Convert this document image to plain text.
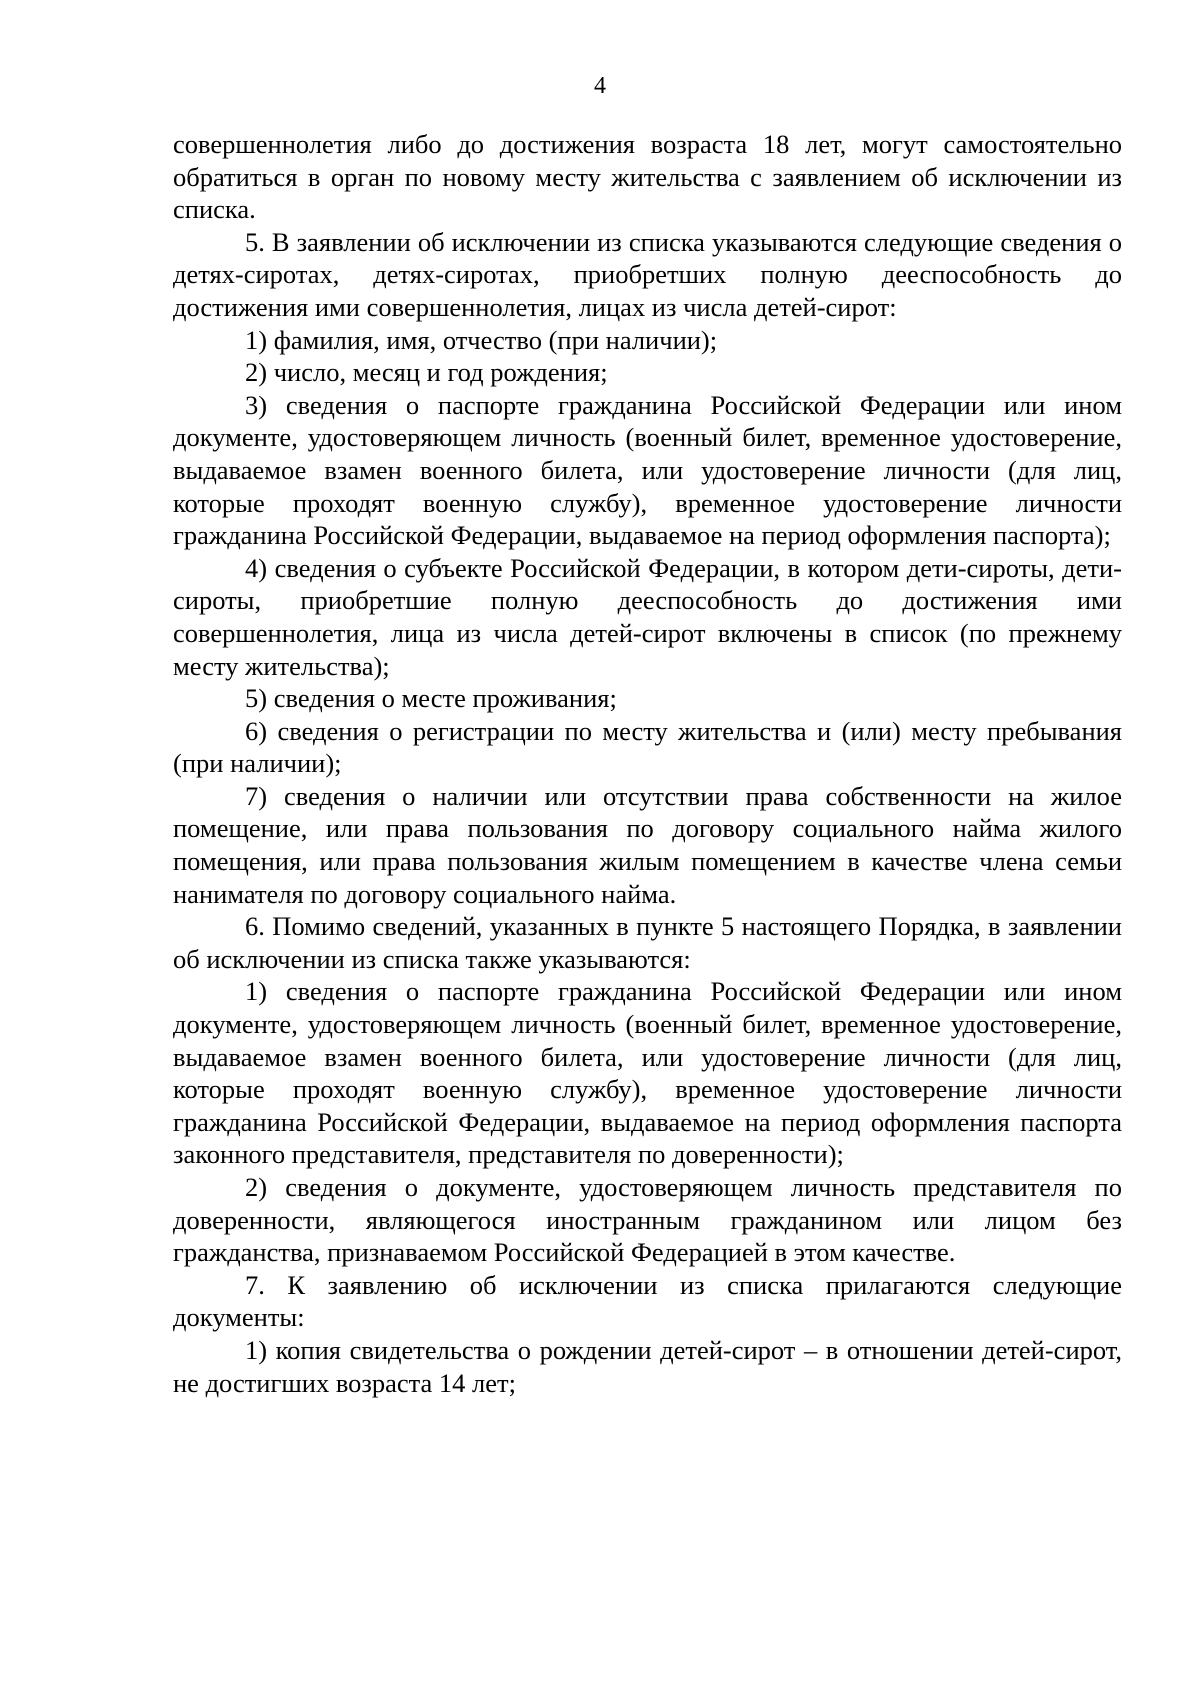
4

совершеннолетия либо до достижения возраста 18 лет, могут самостоятельно обратиться в орган по новому месту жительства с заявлением об исключении из списка.

5. В заявлении об исключении из списка указываются следующие сведения о детях-сиротах, детях-сиротах, приобретших полную дееспособность до достижения ими совершеннолетия, лицах из числа детей-сирот:

1) фамилия, имя, отчество (при наличии);

2) число, месяц и год рождения;

3) сведения о паспорте гражданина Российской Федерации или ином документе, удостоверяющем личность (военный билет, временное удостоверение, выдаваемое взамен военного билета, или удостоверение личности (для лиц, которые проходят военную службу), временное удостоверение личности гражданина Российской Федерации, выдаваемое на период оформления паспорта);

4) сведения о субъекте Российской Федерации, в котором дети-сироты, дети-сироты, приобретшие полную дееспособность до достижения ими совершеннолетия, лица из числа детей-сирот включены в список (по прежнему месту жительства);

5) сведения о месте проживания;

6) сведения о регистрации по месту жительства и (или) месту пребывания (при наличии);

7) сведения о наличии или отсутствии права собственности на жилое помещение, или права пользования по договору социального найма жилого помещения, или права пользования жилым помещением в качестве члена семьи нанимателя по договору социального найма.

6. Помимо сведений, указанных в пункте 5 настоящего Порядка, в заявлении об исключении из списка также указываются:

1) сведения о паспорте гражданина Российской Федерации или ином документе, удостоверяющем личность (военный билет, временное удостоверение, выдаваемое взамен военного билета, или удостоверение личности (для лиц, которые проходят военную службу), временное удостоверение личности гражданина Российской Федерации, выдаваемое на период оформления паспорта законного представителя, представителя по доверенности);

2) сведения о документе, удостоверяющем личность представителя по доверенности, являющегося иностранным гражданином или лицом без гражданства, признаваемом Российской Федерацией в этом качестве.

7. К заявлению об исключении из списка прилагаются следующие документы:

1) копия свидетельства о рождении детей-сирот – в отношении детей-сирот, не достигших возраста 14 лет;
